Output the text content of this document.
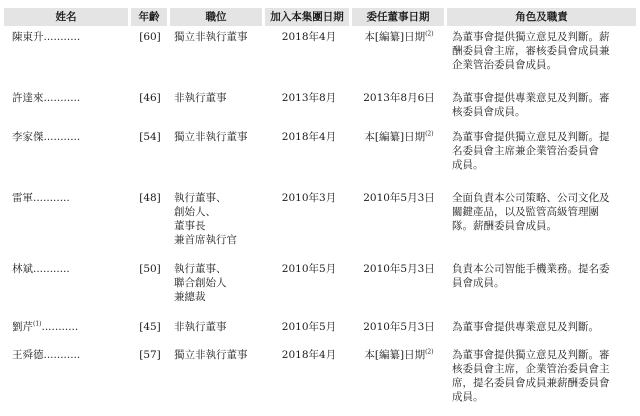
姓名	年齡	職位	加入本集團日期	委任董事日期	角色及職責
陳東升...........	[60]	獨立非執行董事	2018年4月	本[編纂]日期$^{(2)}$	為董事會提供獨立意見及判斷。薪
酬委員會主席，審核委員會成員兼
企業管治委員會成員。
許達來...........	[46]	非執行董事	2013年8月	2013年8月6日	為董事會提供專業意見及判斷。審
核委員會成員。
李家傑...........	[54]	獨立非執行董事	2018年4月	本[編纂]日期$^{(2)}$	為董事會提供獨立意見及判斷。提
名委員會主席兼企業管治委員會
成員。
雷軍...........	[48]	執行董事、
創始人、
董事長
兼首席執行官
2010年3月	2010年5月3日	全面負責本公司策略、公司文化及
關鍵產品，以及監管高級管理團
隊。薪酬委員會成員。
林斌...........	[50]	執行董事、
聯合創始人
兼總裁
2010年5月	2010年5月3日	負責本公司智能手機業務。提名委
員會成員。
劉芹$^{(1)}$...........	[45]	非執行董事	2010年5月	2010年5月3日	為董事會提供專業意見及判斷。
王舜德...........	[57]	獨立非執行董事	2018年4月	本[編纂]日期$^{(2)}$	為董事會提供獨立意見及判斷。審
核委員會主席，企業管治委員會主
席，提名委員會成員兼薪酬委員會
成員。
